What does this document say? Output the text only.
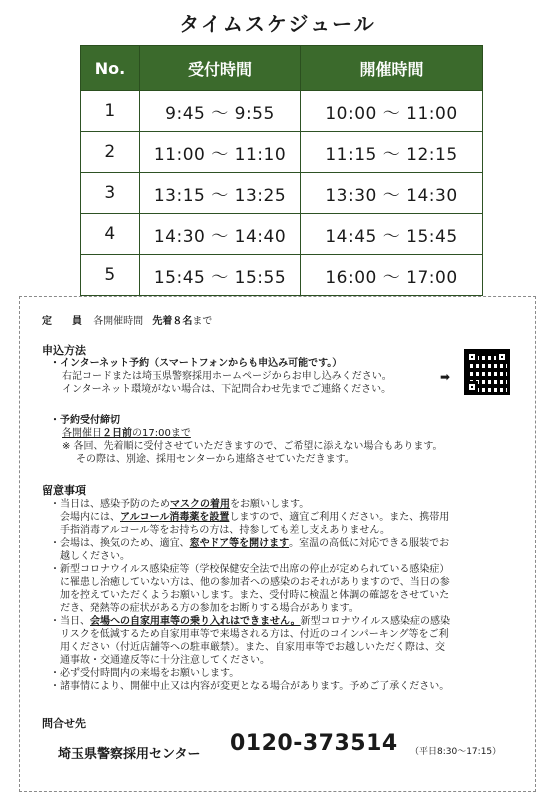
タイムスケジュール
No.	受付時間	開催時間
1	9:45 ～ 9:55	10:00 ～ 11:00
2	11:00 ～ 11:10	11:15 ～ 12:15
3	13:15 ～ 13:25	13:30 ～ 14:30
4	14:30 ～ 14:40	14:45 ～ 15:45
5	15:45 ～ 15:55	16:00 ～ 17:00
定　　員 各開催時間 先着８名まで
申込方法
・インターネット予約（スマートフォンからも申込み可能です。）
右記コードまたは埼玉県警察採用ホームページからお申し込みください。	➡
インターネット環境がない場合は、下記問合わせ先までご連絡ください。
・予約受付締切
各開催日２日前の17:00まで
※ 各回、先着順に受付させていただきますので、ご希望に添えない場合もあります。
その際は、別途、採用センターから連絡させていただきます。
留意事項
・当日は、感染予防のためマスクの着用をお願いします。
会場内には、アルコール消毒薬を設置しますので、適宜ご利用ください。また、携帯用
手指消毒アルコール等をお持ちの方は、持参しても差し支えありません。
・会場は、換気のため、適宜、窓やドア等を開けます。室温の高低に対応できる服装でお
越しください。
・新型コロナウイルス感染症等（学校保健安全法で出席の停止が定められている感染症）
に罹患し治癒していない方は、他の参加者への感染のおそれがありますので、当日の参
加を控えていただくようお願いします。また、受付時に検温と体調の確認をさせていた
だき、発熱等の症状がある方の参加をお断りする場合があります。
・当日、会場への自家用車等の乗り入れはできません。新型コロナウイルス感染症の感染
リスクを低減するため自家用車等で来場される方は、付近のコインパーキング等をご利
用ください（付近店舗等への駐車厳禁）。また、自家用車等でお越しいただく際は、交
通事故・交通違反等に十分注意してください。
・必ず受付時間内の来場をお願いします。
・諸事情により、開催中止又は内容が変更となる場合があります。予めご了承ください。
問合せ先
埼玉県警察採用センター 0120-373514 （平日8:30～17:15）
